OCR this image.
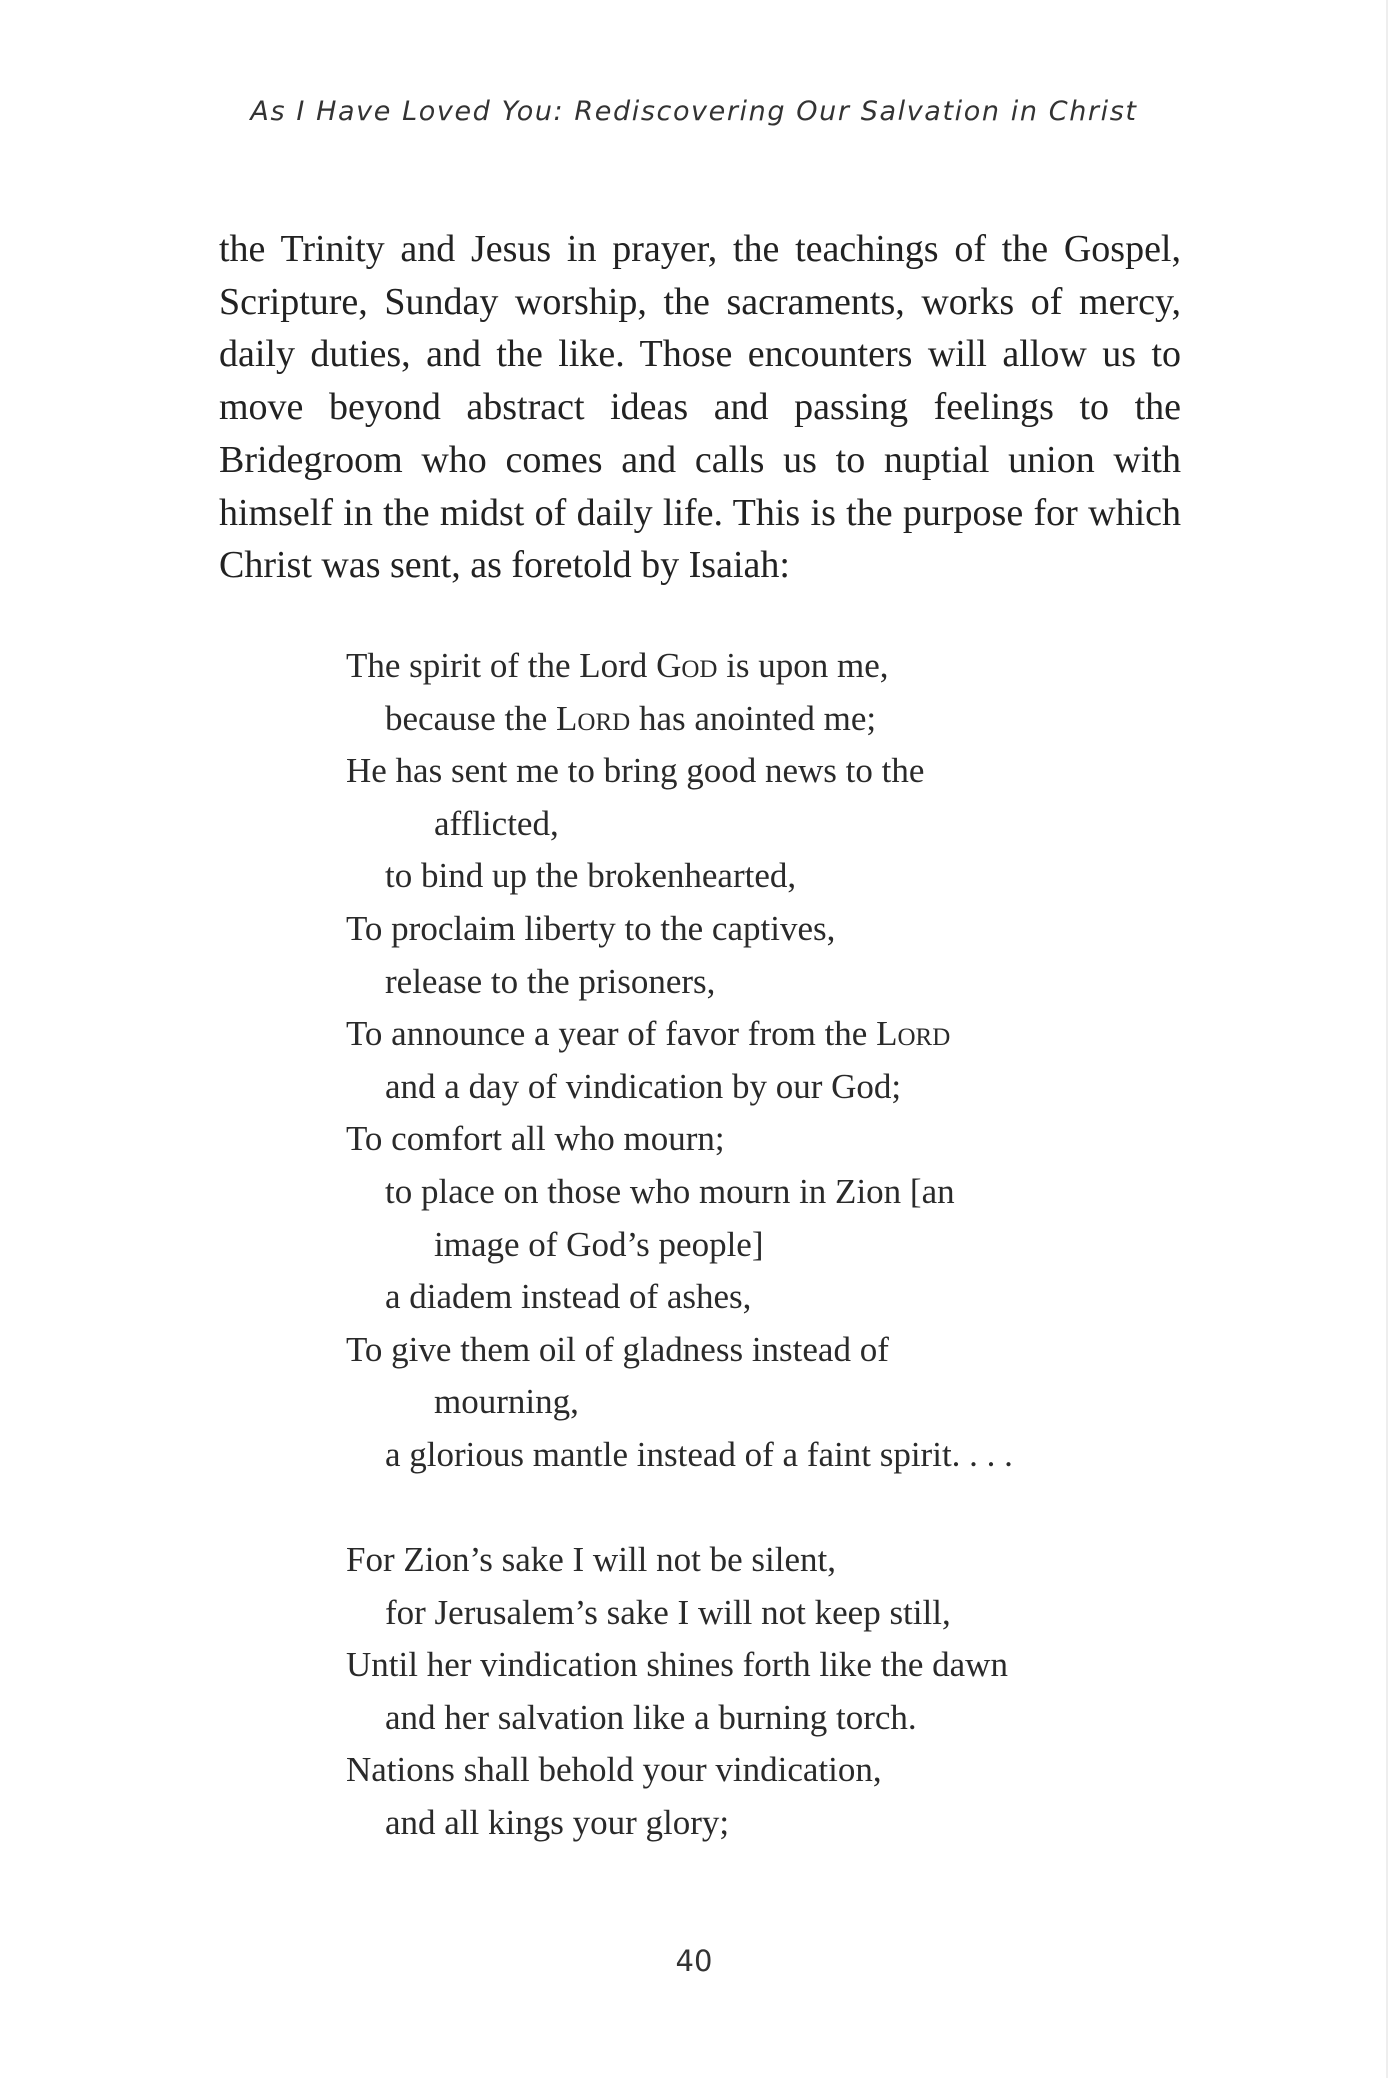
As I Have Loved You: Rediscovering Our Salvation in Christ

the Trinity and Jesus in prayer, the teachings of the Gospel, Scripture, Sunday worship, the sacraments, works of mercy, daily duties, and the like. Those encounters will allow us to move beyond abstract ideas and passing feelings to the Bridegroom who comes and calls us to nuptial union with himself in the midst of daily life. This is the purpose for which Christ was sent, as foretold by Isaiah:

The spirit of the Lord God is upon me,
because the Lord has anointed me;
He has sent me to bring good news to the
afflicted,
to bind up the brokenhearted,
To proclaim liberty to the captives,
release to the prisoners,
To announce a year of favor from the Lord
and a day of vindication by our God;
To comfort all who mourn;
to place on those who mourn in Zion [an
image of God’s people]
a diadem instead of ashes,
To give them oil of gladness instead of
mourning,
a glorious mantle instead of a faint spirit. . . .
For Zion’s sake I will not be silent,
for Jerusalem’s sake I will not keep still,
Until her vindication shines forth like the dawn
and her salvation like a burning torch.
Nations shall behold your vindication,
and all kings your glory;
40
